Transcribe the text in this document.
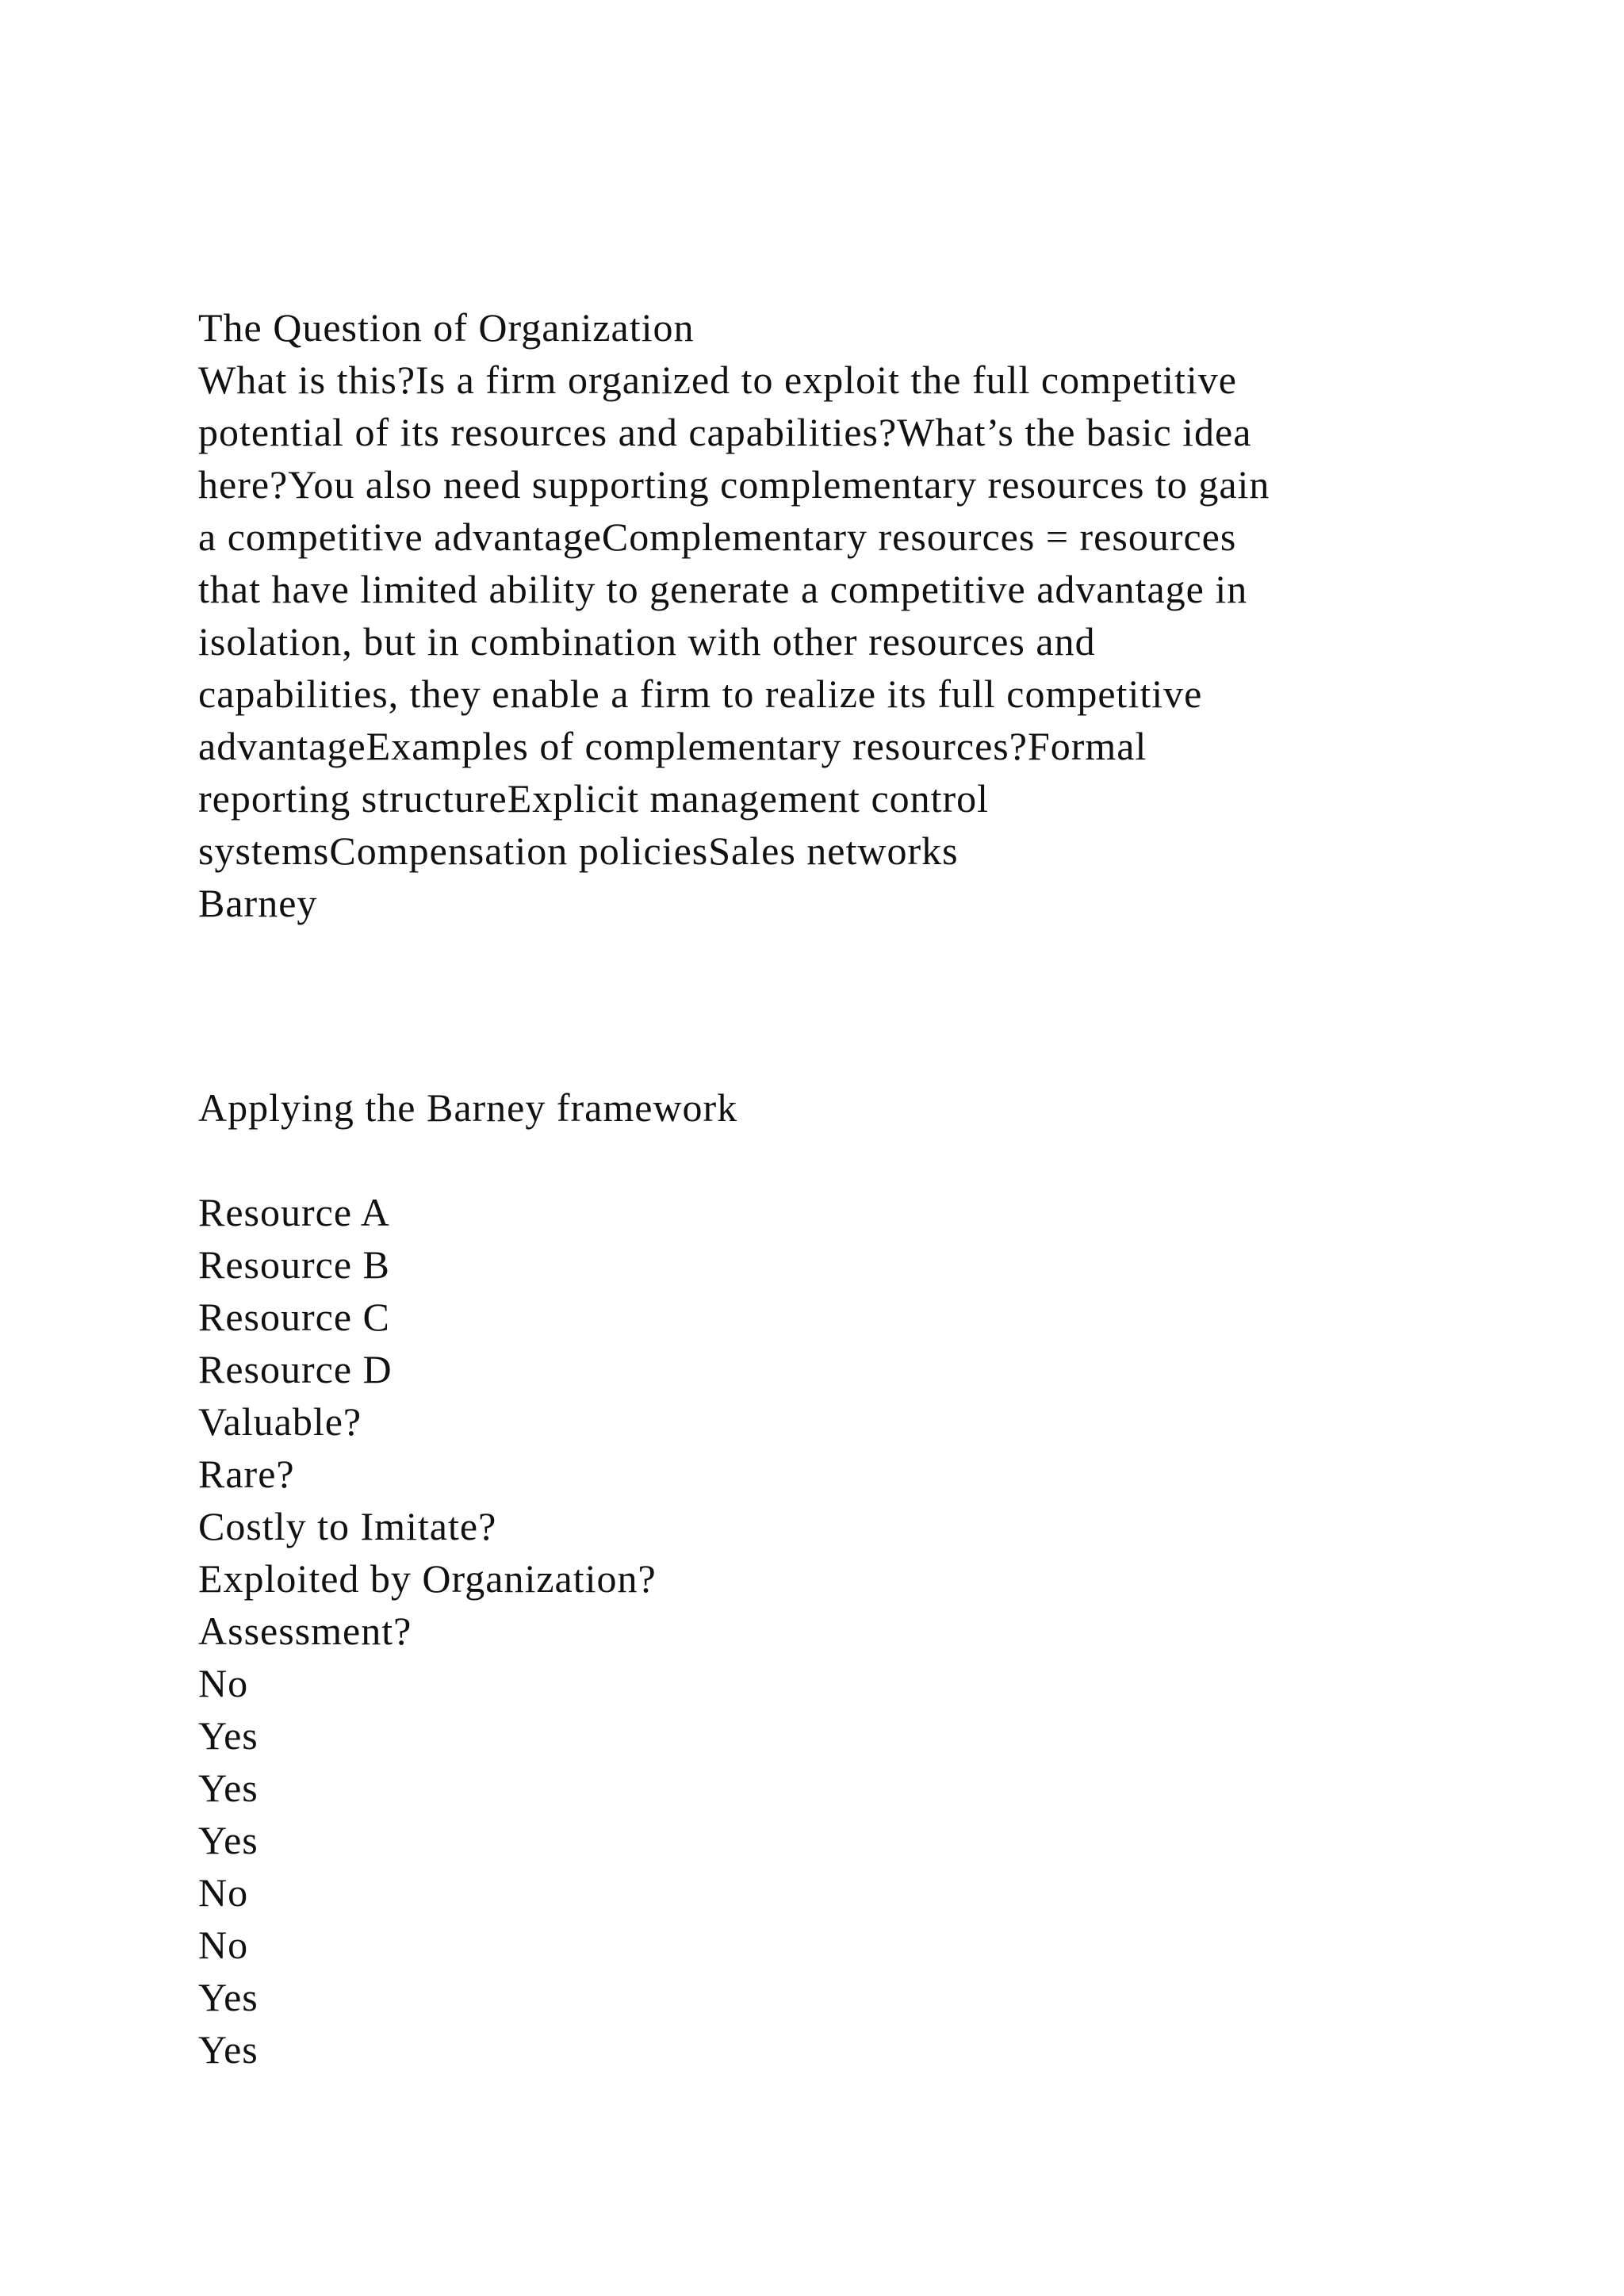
The Question of Organization
What is this?Is a firm organized to exploit the full competitive
potential of its resources and capabilities?What’s the basic idea
here?You also need supporting complementary resources to gain
a competitive advantageComplementary resources = resources
that have limited ability to generate a competitive advantage in
isolation, but in combination with other resources and
capabilities, they enable a firm to realize its full competitive
advantageExamples of complementary resources?Formal
reporting structureExplicit management control
systemsCompensation policiesSales networks
Barney
Applying the Barney framework
Resource A
Resource B
Resource C
Resource D
Valuable?
Rare?
Costly to Imitate?
Exploited by Organization?
Assessment?
No
Yes
Yes
Yes
No
No
Yes
Yes
